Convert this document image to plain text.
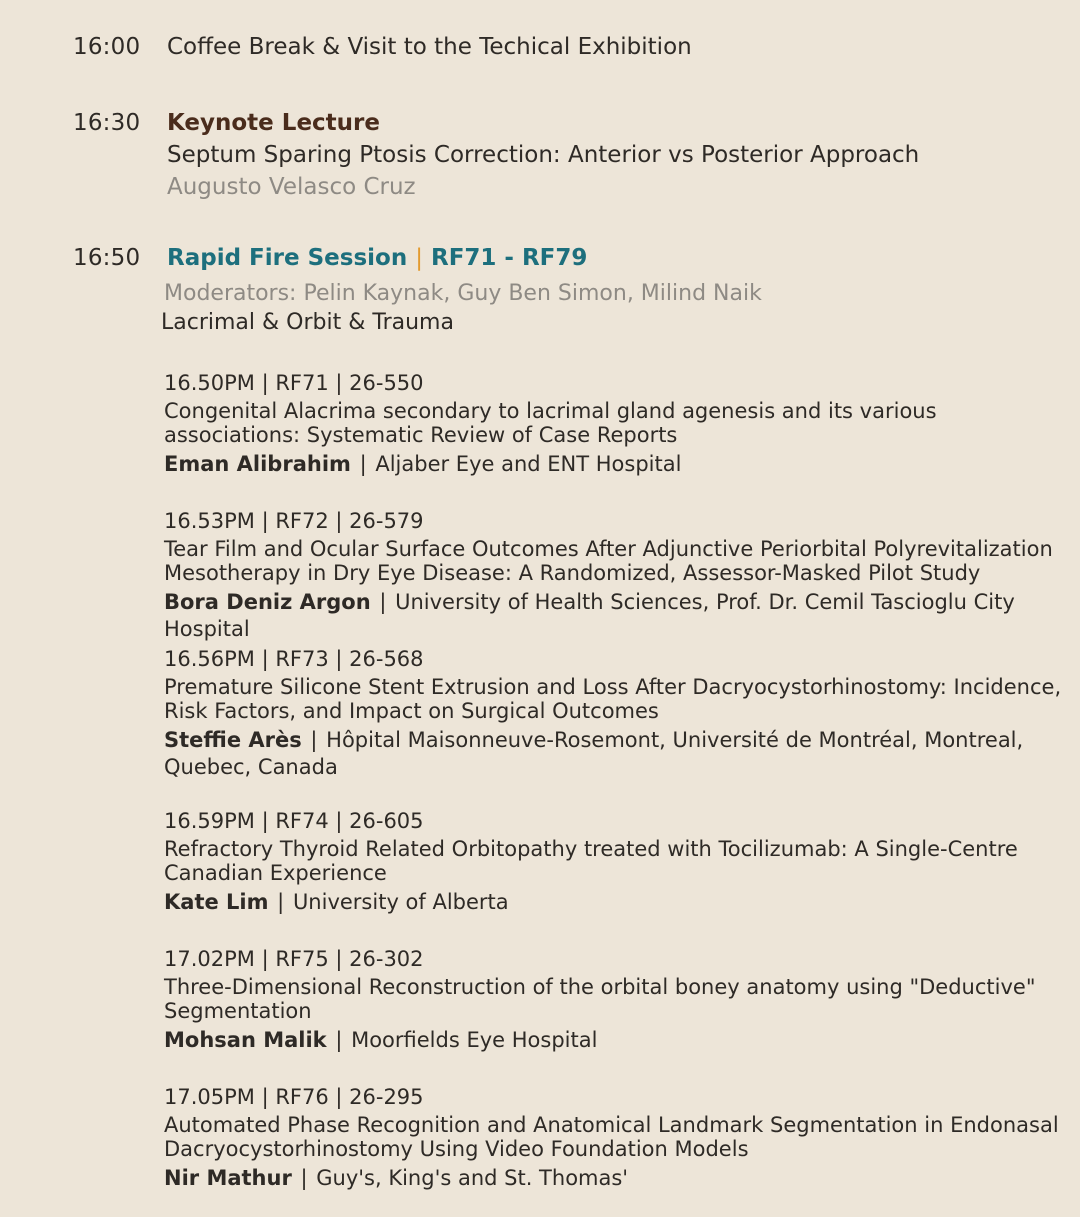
16:00 Coffee Break & Visit to the Techical Exhibition
16:30 Keynote Lecture
Septum Sparing Ptosis Correction: Anterior vs Posterior Approach
Augusto Velasco Cruz
16:50 Rapid Fire Session | RF71 - RF79
Moderators: Pelin Kaynak, Guy Ben Simon, Milind Naik
Lacrimal & Orbit & Trauma
16.50PM | RF71 | 26-550
Congenital Alacrima secondary to lacrimal gland agenesis and its various associations: Systematic Review of Case Reports
Eman Alibrahim | Aljaber Eye and ENT Hospital
16.53PM | RF72 | 26-579
Tear Film and Ocular Surface Outcomes After Adjunctive Periorbital Polyrevitalization Mesotherapy in Dry Eye Disease: A Randomized, Assessor-Masked Pilot Study
Bora Deniz Argon | University of Health Sciences, Prof. Dr. Cemil Tascioglu City Hospital
16.56PM | RF73 | 26-568
Premature Silicone Stent Extrusion and Loss After Dacryocystorhinostomy: Incidence, Risk Factors, and Impact on Surgical Outcomes
Steffie Arès | Hôpital Maisonneuve-Rosemont, Université de Montréal, Montreal, Quebec, Canada
16.59PM | RF74 | 26-605
Refractory Thyroid Related Orbitopathy treated with Tocilizumab: A Single-Centre Canadian Experience
Kate Lim | University of Alberta
17.02PM | RF75 | 26-302
Three-Dimensional Reconstruction of the orbital boney anatomy using "Deductive" Segmentation
Mohsan Malik | Moorfields Eye Hospital
17.05PM | RF76 | 26-295
Automated Phase Recognition and Anatomical Landmark Segmentation in Endonasal Dacryocystorhinostomy Using Video Foundation Models
Nir Mathur | Guy's, King's and St. Thomas'
